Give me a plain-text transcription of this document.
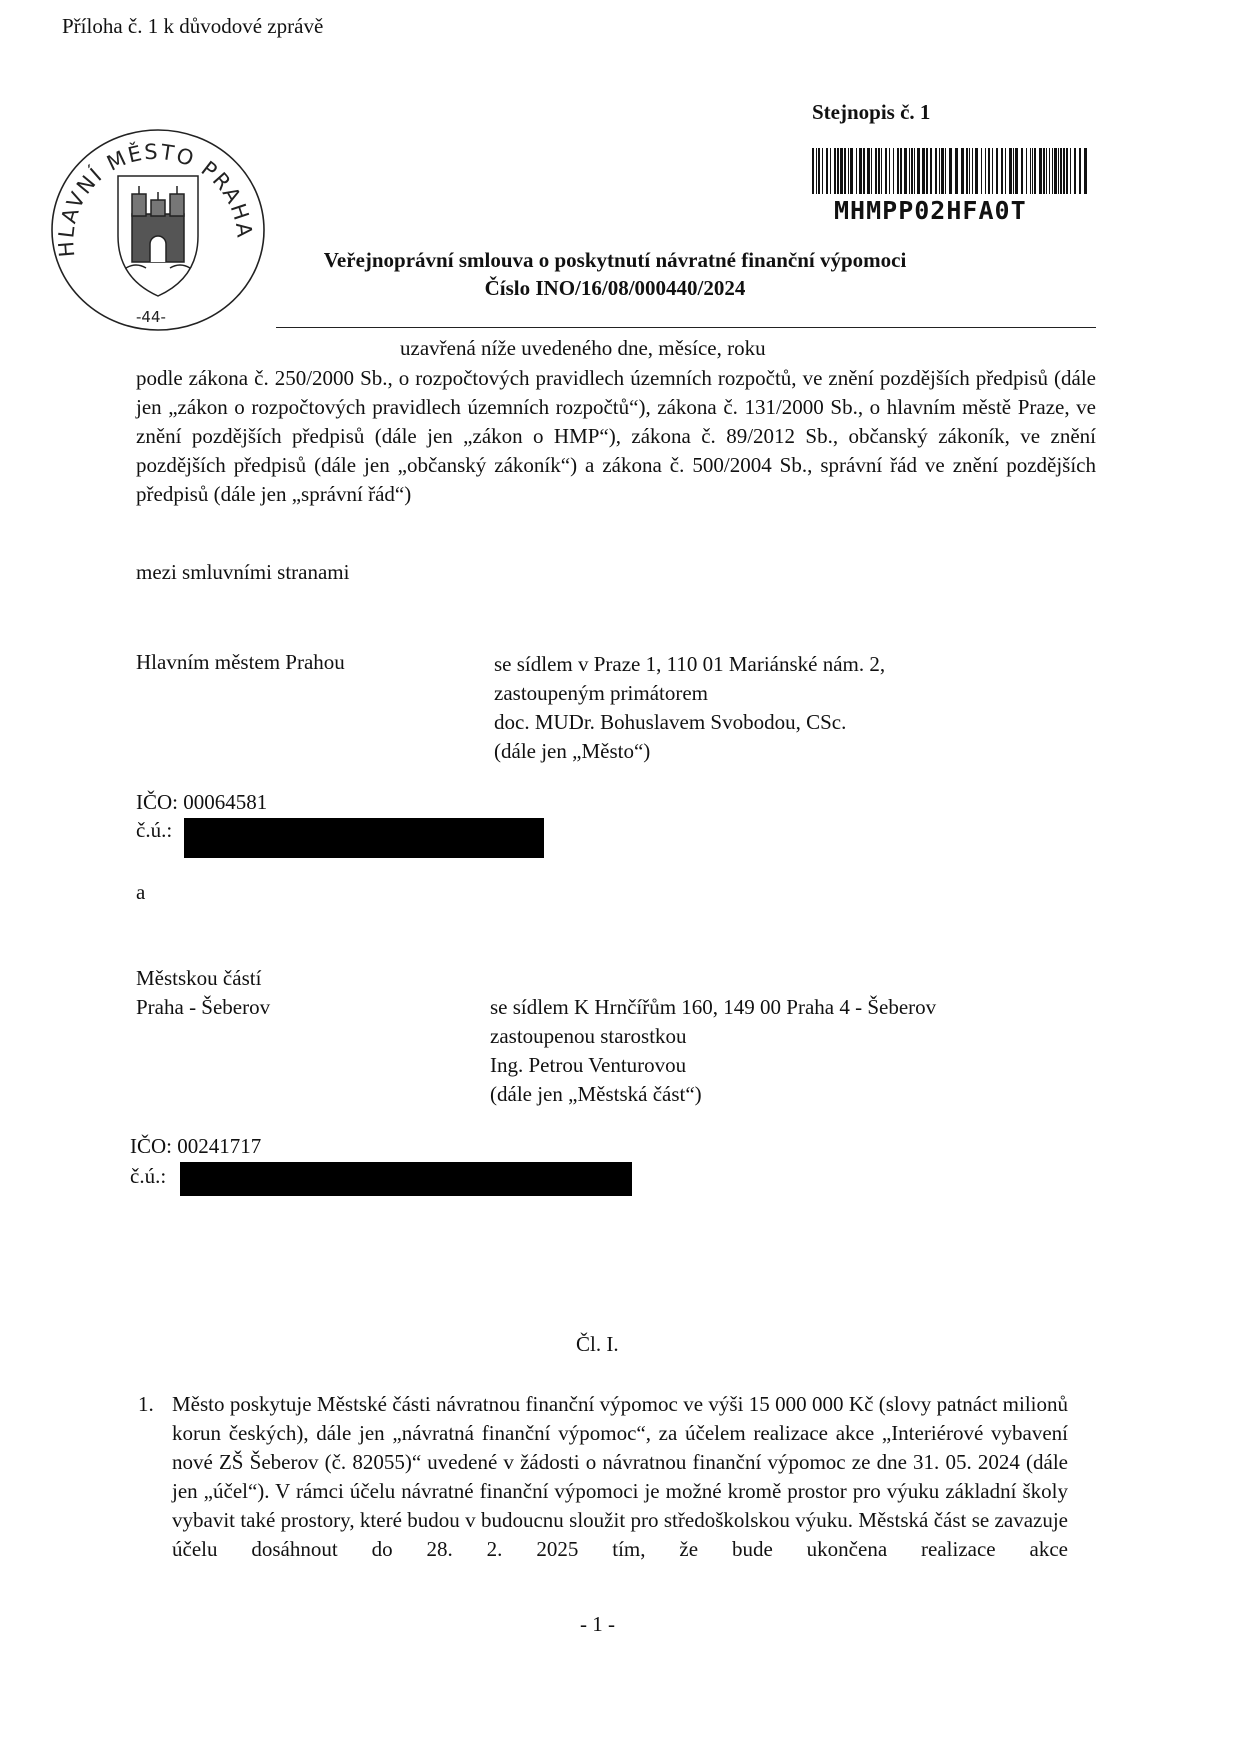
Příloha č. 1 k důvodové zprávě
HLAVNÍ MĚSTO PRAHA
-44-
Stejnopis č. 1
MHMPP02HFA0T
Veřejnoprávní smlouva o poskytnutí návratné finanční výpomoci
Číslo INO/16/08/000440/2024
uzavřená níže uvedeného dne, měsíce, roku

podle zákona č. 250/2000 Sb., o rozpočtových pravidlech územních rozpočtů, ve znění pozdějších předpisů (dále jen „zákon o rozpočtových pravidlech územních rozpočtů“), zákona č. 131/2000 Sb., o hlavním městě Praze, ve znění pozdějších předpisů (dále jen „zákon o HMP“), zákona č. 89/2012 Sb., občanský zákoník, ve znění pozdějších předpisů (dále jen „občanský zákoník“) a zákona č. 500/2004 Sb., správní řád ve znění pozdějších předpisů (dále jen „správní řád“)

mezi smluvními stranami
Hlavním městem Prahou	se sídlem v Praze 1, 110 01 Mariánské nám. 2,
zastoupeným primátorem
doc. MUDr. Bohuslavem Svobodou, CSc.
(dále jen „Město“)
IČO: 00064581
č.ú.:
a
Městskou částí
Praha - Šeberov	se sídlem K Hrnčířům 160, 149 00 Praha 4 - Šeberov
zastoupenou starostkou
Ing. Petrou Venturovou
(dále jen „Městská část“)
IČO: 00241717
č.ú.:
Čl. I.
1. Město poskytuje Městské části návratnou finanční výpomoc ve výši 15 000 000 Kč (slovy patnáct milionů korun českých), dále jen „návratná finanční výpomoc“, za účelem realizace akce „Interiérové vybavení nové ZŠ Šeberov (č. 82055)“ uvedené v žádosti o návratnou finanční výpomoc ze dne 31. 05. 2024 (dále jen „účel“). V rámci účelu návratné finanční výpomoci je možné kromě prostor pro výuku základní školy vybavit také prostory, které budou v budoucnu sloužit pro středoškolskou výuku. Městská část se zavazuje účelu dosáhnout do 28. 2. 2025 tím, že bude ukončena realizace akce
- 1 -
